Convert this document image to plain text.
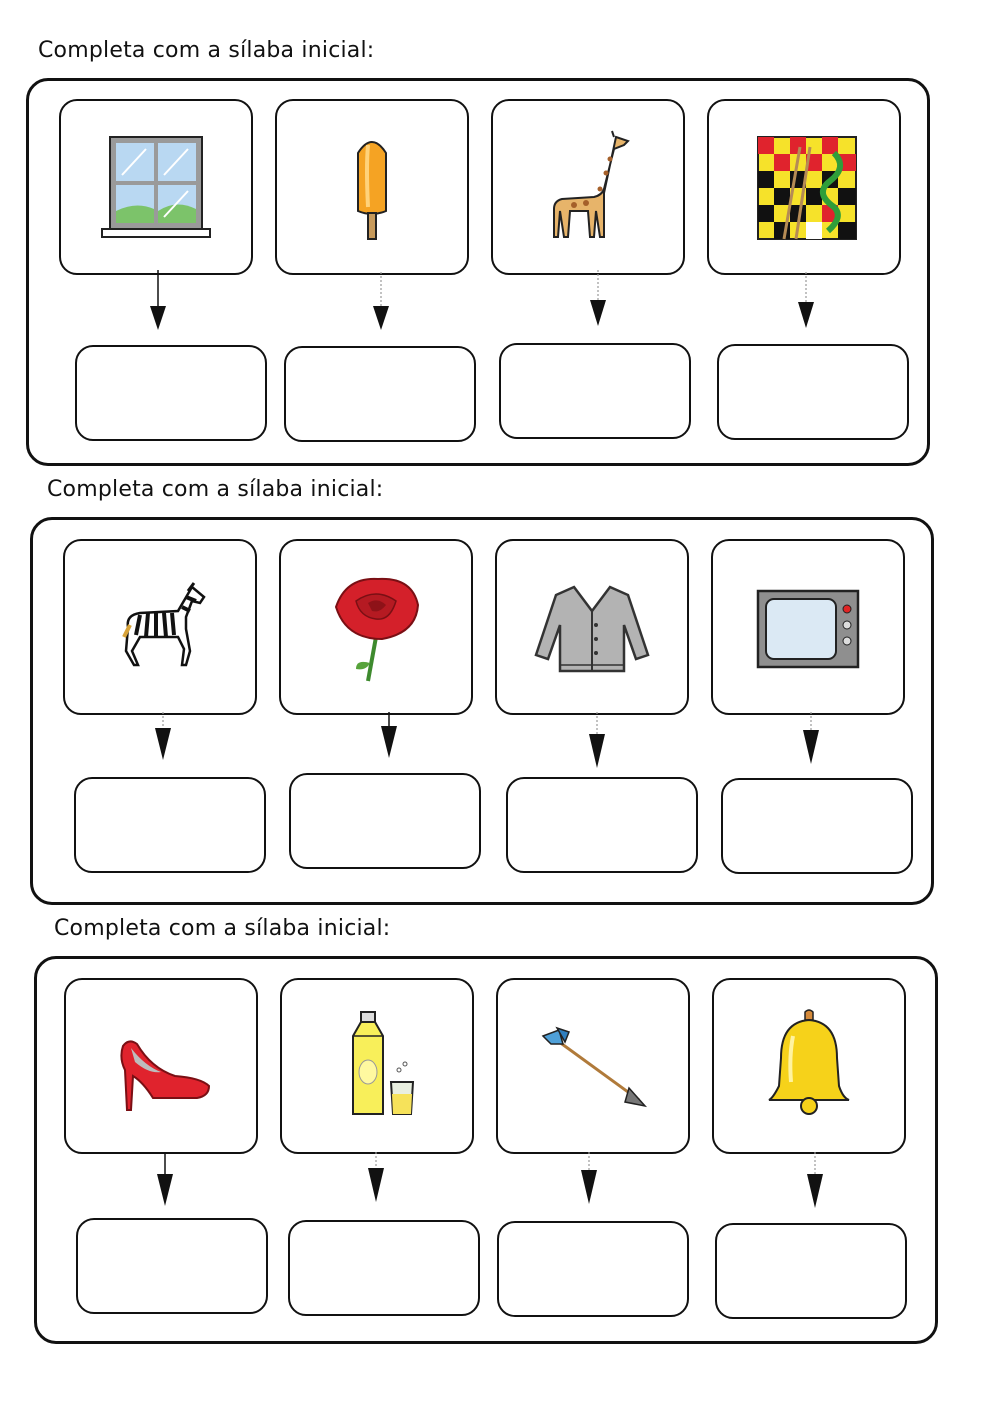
Completa com a sílaba inicial:
Completa com a sílaba inicial:
Completa com a sílaba inicial:
